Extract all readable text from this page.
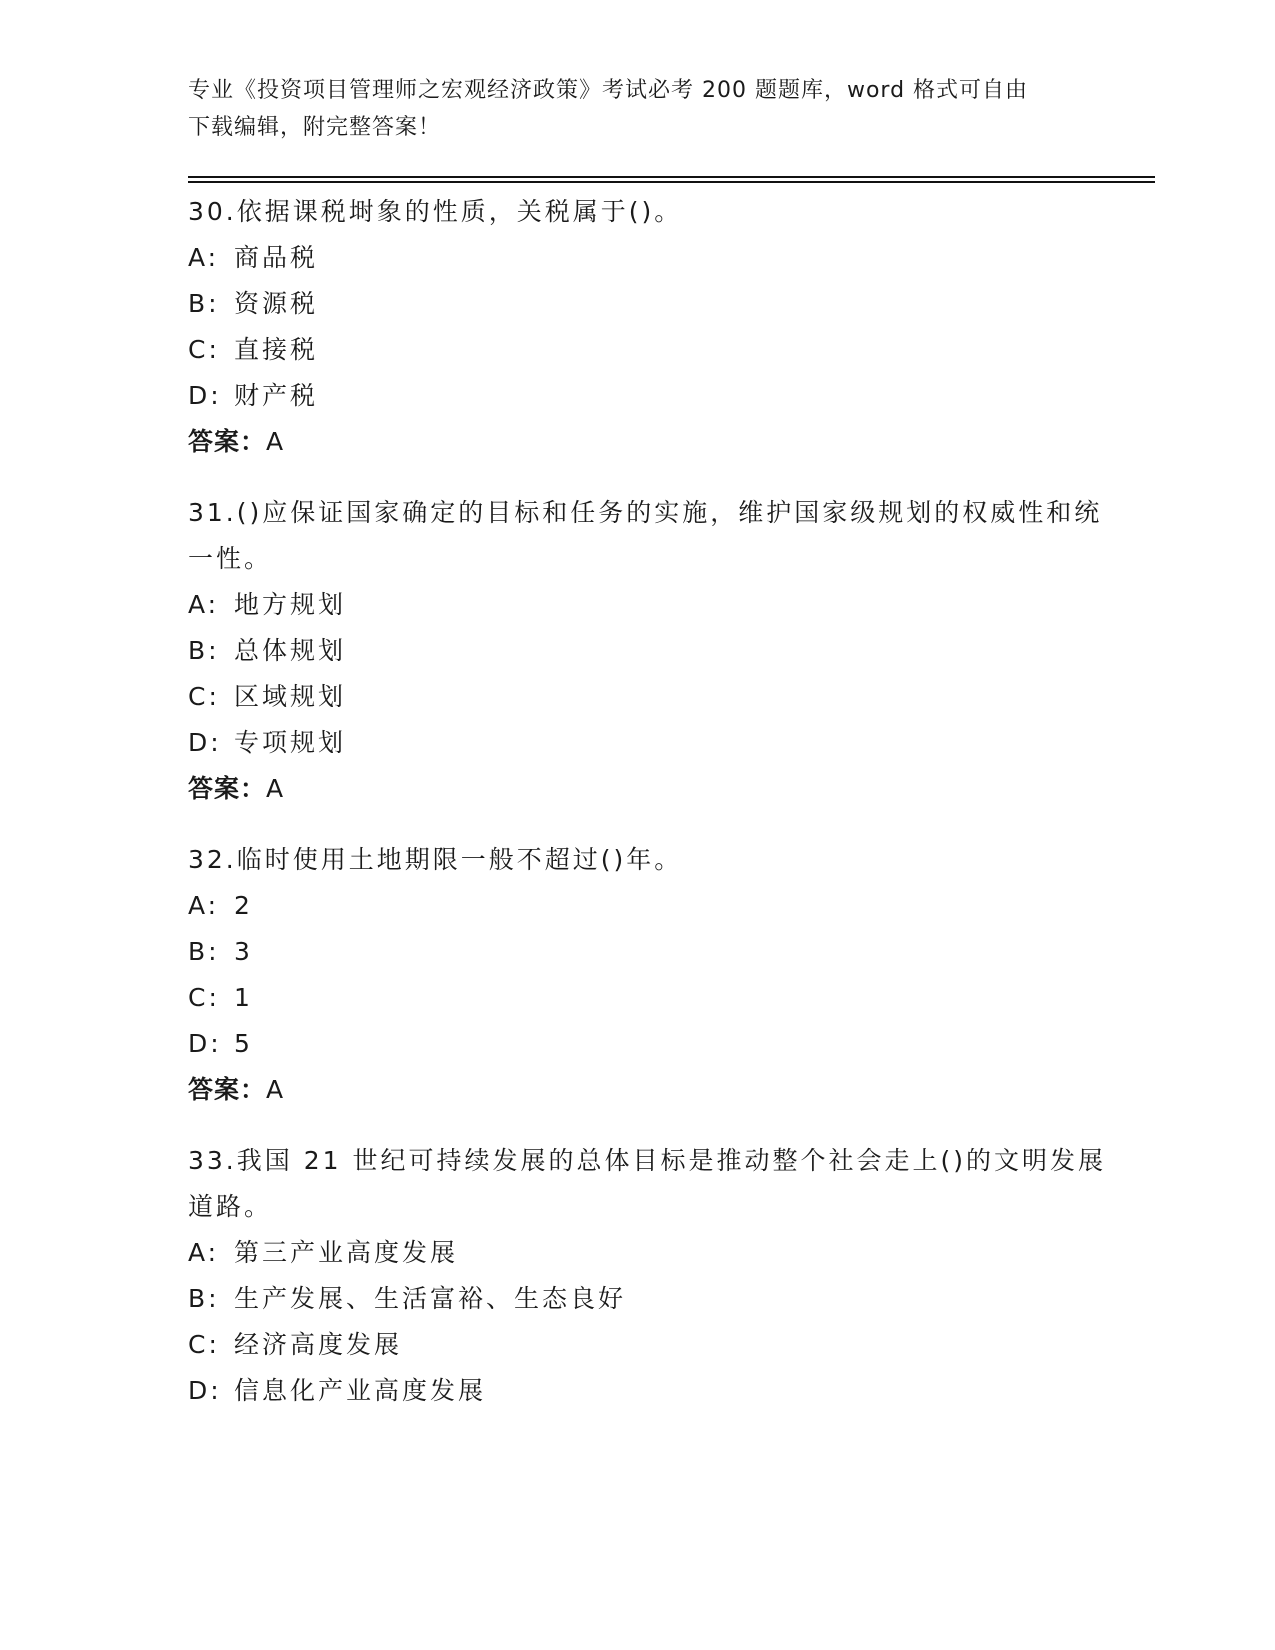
专业《投资项目管理师之宏观经济政策》考试必考 200 题题库，word 格式可自由
下载编辑，附完整答案！
30.依据课税埘象的性质，关税属于()。
A: 商品税
B: 资源税
C: 直接税
D: 财产税
答案：A
31.()应保证国家确定的目标和任务的实施，维护国家级规划的权威性和统一性。
A: 地方规划
B: 总体规划
C: 区域规划
D: 专项规划
答案：A
32.临时使用土地期限一般不超过()年。
A: 2
B: 3
C: 1
D: 5
答案：A
33.我国 21 世纪可持续发展的总体目标是推动整个社会走上()的文明发展道路。
A: 第三产业高度发展
B: 生产发展、生活富裕、生态良好
C: 经济高度发展
D: 信息化产业高度发展
